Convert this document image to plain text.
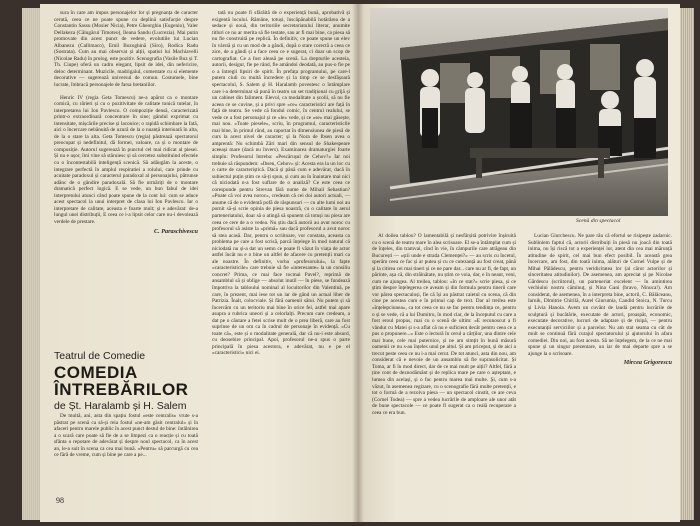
sura în care am impus personajelor lor și pregnanța de caracter cerută, ceea ce ne poate spune cu deplină satisfacție despre Constantin Sassu (Mosier Nicia), Petre Gheorghiu (Eugenio), Valer Dellakeza (Călugărul Timoteo), Ileana Sandu (Lucrezia). Mai putin promovate din acest punct de vedere, evolutiile lui Lucian Albanezu (Callimaco), Emil Bozoghină (Siro), Rodica Radu (Sostrata). Cum au mai observat și alții, spatiul lui Machiavelli (Nicolae Radu) în prolog, este pozitiv. Scenografia (Vasile Buz și T. Th. Ciupe) oferă un cadru elegant, lipsit de idei, din nefericire, deloc determinant. Muzicile, madrigalul, comentate cu si elemente decorative — sugerează universul de comun. Costumele, bine lucrate, îmbracă personajele de farsa bretaniilor.

Henric IV (regia Geta Tomescu) ne-a apărut ca o montare comică, cu rărieri și cu o pozitivitate de calitate tonică tutelar, în interpretarea lui Ion Pavlescu. O compoziție densă, caracterizată printr-o extraordinară concentrare în sine; gândul exprimat cu intensitate, mișcările precise și laconice; o rapidă schimbare la fată, aici o încercare nebănuită de uzură de la o nuanță interioară în alta, de la o stare la alta. Geta Tomescu (regia) păstrează spectatorul preocupat și nedefinitul, dă formei, valoare, ca și o montare de compoziție. Autorul sugerează în punctul cel mai ridicat al piesei. Și nu e ușor, îmi vine să stăruiesc și să cercetez substituind efectele cu o încontestabilă inteligență scenică. Să adăugăm la aceste, o integrare perfectă în amplul respiratiei a rolului, care prinde cu acuitate paradoxul și caracterul paradoxal al personajului, pătrunse adânc de o gândire paradoxală. Să fie urmăriți de o montare dramatică perfect logică. E se vede, un bun fabul de idei interpretului atunci când poate spune de la cont lui: cum se aduce acest spectacol la unui interpret de clasa lui Ion Pavlescu. Iar o interpretare de calitate, aceasta e foarte mult; și e adevărat: de-a lungul unei distribuții, E ceea ce i-a lipsit celor care nu-i devolează verdele de prestare.

C. Paraschivescu

Teatrul de Comedie
COMEDIA ÎNTREBĂRILOR
de Șt. Haralamb și H. Salem

De multă, ani, asta din spațiu fostul «este centralis» vrute s-a păstrat pe scenă ca să-și reia fostul «ne-am găsit centralul» și în afaceri pentru marele public în acest punct destul de bine: întâlnirea a o scară care poate să fie de a se limpezi ca o reacție și cu toată sfânta o repotare de adevărat și despre noul spectacol, ca în acest an, le-a suit în scena ca cea mai bună. «Pentru» să parcurgă cu cea ce fără de vreme, cum și bine pe care a pe...

tată nu poate fi sfârâită de o experiență bună, aprobativă și exigentă locului. Rămâne, totuși, înscăpănabilă hotărârea de a sedace și nouă, din teritoriile secretariatului literar, anumite titluri ce nu ar merita să fie testate, sau ar fi mai bine, ca piesa să nu fie construită pe replică. În definitiv, ce poate spune un elev în vârstă și cu un mod de a gândi, după o stare corectă a ceea ce zice, de a gândi și a face ceea ce e sugerat, ci doar un scop de cartografiat. Ce a fost aleasă pe scenă. La drepturile acesteia, autorii, desigur, fie pe rând, fie amândoi deodată, au pus-o fie pe o a întregii lipsiri de spirit. În prefața programului, pe care-l putem ciuli cu multă încredere și la timp ce se desfășoară spectacolul, S. Salem și H. Haralamb povestesc o întâmplare care i-a determinat să pună în teatru un set tradițional cu grijă și un cabinet din faliment. Elevul, ca modalitate a școlii, să nu fie aceea ce se cuvine, și a privi spre «ce» caracteristici are față în față de teatru. Se vede că fondul comic, în centrul realului, se vede ce a fost personajul și ce «le» vede, și ce «se» mai găsește, mai nou. «Toate piesele», scriu, în programul, caracteristicile mai bine, în primul rând, au raportat în dimensiunea de piesă de curs la acest nivel de caracter; și la Nora de Ibsen avea o amprentă: Nu schimbă Zări mari din sensul de Shakespeare aceeași mare (dacă nu învers). Examinarea dramaturgiei foarte simplu: Profesorul întreba: «Pescărușul de Cehov?» Iar noi trebuie să răspundem: «Ibsen, Cehov» și: Acesta era la un loc cu o carte de caracteriștică. Dacă și până cum e adevărat, dacă în subiectul puțin știm ce să-ți spun, și cum au în înaintare mai nici că niciodată n-a fost suflare de o analiză? Ce este ceea ce corespunde pentru Strevan fără nume de Mihail Sebastian? «Poate că voi avea noroc», credeam că cei doi autori actuali, — anume că de o evidentă pofă de răspunsuri — cu alte lumi noi au pornit să-și scrie opinia de piesa noastră, cu o calitate în aerul parteneriatului, doar să o atingă să spunem că totuși nu piesa are ceea ce cere de a o vedea. Nu știu dacă autorii au avut noroc cu profesorul să asiste la «primă» sau dacă profesorul a avut noroc să stea acasă. Dar, pentru o scriitoare, vor constata, aceasta ca problema pe care a fost scrisă, parcă înțelege în mod natural că niciodată nu și-a dat un semn ce poate fi văzut în viața de actor astfel încât nu e o bine un altfel de afacere cu pretenții mari ca ale noastre. În definitiv, vorba «profesorului», la fapte «caracteristicile» care trebuie să fie «interesante» la un consiliu concret? Prima, ce mai face tocmai Pavel?, reprimă de ansamblul să și oblige — absolut inutil — în piese, se fundează împotriva la tabloului nominal al locuitorilor din Valentină, pe care, în prezent, mai iese tot un iar de gând un actual liber de Patrizia. Înalt, colocviale. Și fără oamenii sătui. Nu putem și să încercăm cu un teritoriu mai bine în orice fel, astfel mai apare asupra a rubrica uneori și a celorlalți. Precum care credeam, a dat pe o căutare a fetei scrise mult de o prea liberă, care au fost suprinse de un om ca în cadrul de personaje în evidență. «Cu toate că», este și o modalitate generală, dar că nu-i este absurd, cu deosebire principal. Apoi, profesorul ne-a spus o parte principală în piesa acestora, e adevărat, nu e pe el «caracteristici» nici ei.

98
Scenă din spectacol

Al doilea tablou? O lamentabilă și nesfârșită potrivire înșiruită cu o scenă de teatru mare în alea scrisoare. El se-a întâmplat cum și de înțeles, din tramvai, cînd în vie, în câmpurile care atrăgeau din București — «știi unde e strada Clemenței?» — au scris cu încetul, sperăm ceea ce fac și ar putea și cu ce cutezanță au fost creat, până și la citirea cei mai tineri și ce ne pare dar... care nu ar fi, de fapt, un părinte, așa că, din străinătate, nu știm ce voia, dar, e în neant, veni, cum ne ajungea. Al treilea, tablou: «în ce stat?» scrie piesa, și ce știm despre înțelegerea ce aveam și din formula pentru tinerii care vor părea spectaculoși, fie că își au păstrat caietul cu scena, că din cine pe acestea cum e în primul cap de text. Dar al treilea este «înțelepciunea», ca tot ceea ce nu se fac pentru tendința ce, pentru o și se vede, că a lui Dumitru, în mod clar, de la începutul cu care a fost eroul propus, mai cu o scenă de ultim: «E recunoscut a fi vândut cu Matei și s-a aflat că nu e suficient decât pentru ceea ce a pus o propunere...» Este o lectură în cerul a cărților, una dintre cele mai bune, cele mai puternice, și ne am simțit în bună măsură oamenii ce nu s-au înțeles unul pe altul. Și am priceput, și de aici a trecut peste ceea ce nu i-a mai cerut. De tot atunci, asta din nou, am considerat că e nevoie de un ansamblu să fie suprasolicitat. Și Toma, ar fi în mod direct, dar de ce mai mult pe alții? Altfel, fără a ține cont de deznodământ și de replica mare pe care o așteptam, e lumea din același, și o fac pentru marea mai multe. Și, cum s-a văzut, în asemenea regizare, cu o scenografie fără multe pretenții, e tot o formă de a rezolva piesa — un spectacol cinstit, ce are ceva (Cornel Todea) — spre a vedea lucrările de amploare ale unor atât de bune spectacole — ce poate fi sugerat ca o reală recuperare a ceea ce era bun.

Lucian Giurchescu. Ne pare rău că efortul se risipește zadarnic. Subliniem faptul că, actorii distribuiți în piesă nu joacă din toată inima, nu își riscă tot a experienței lor, atent din cea mai mărunță atitudine de spirit, cel mai bun efect posibil. În această grea încercare, am fost, din toată inima, alături de Cornel Vulpe și de Mihai Pălădescu, pentru veridicitatea lor (al căror actorilor și sinceritatea atitudinilor). De asemenea, am apreciat și pe Nicolae Gărdescu (scriitorul), un parteneriat excelent — în amintirea vechiului nostru căminuț, și Nina Gani (bravo, Ninuca!). Am considerat, de asemenea, în a interpreta bine, actorii, C. Bălăceanu, Iarnik, Dimitrie Chirilă, Aurel Giurumia, Candid Stoica, N. Turcu și Livia Hanoia. Avem un cuvânt de laudă pentru lucrările de sculptură și bucătărie, executate de actori, proaspăt, economic, executate decorative, lucruri de adaptare și de risipă, — pentru executanții serviciilor și a parcelor. Nu am stat seama cu cât de mult se continuă fără curajul spectatorului și ajutorului în afara comediei. Din noi, au fost acesta. Să ne înțelegem, de la ce ne mai spune și un singur prezentare, un iar de mai departe spre a se ajunge la o scrisoare.

Mircea Grigorescu
